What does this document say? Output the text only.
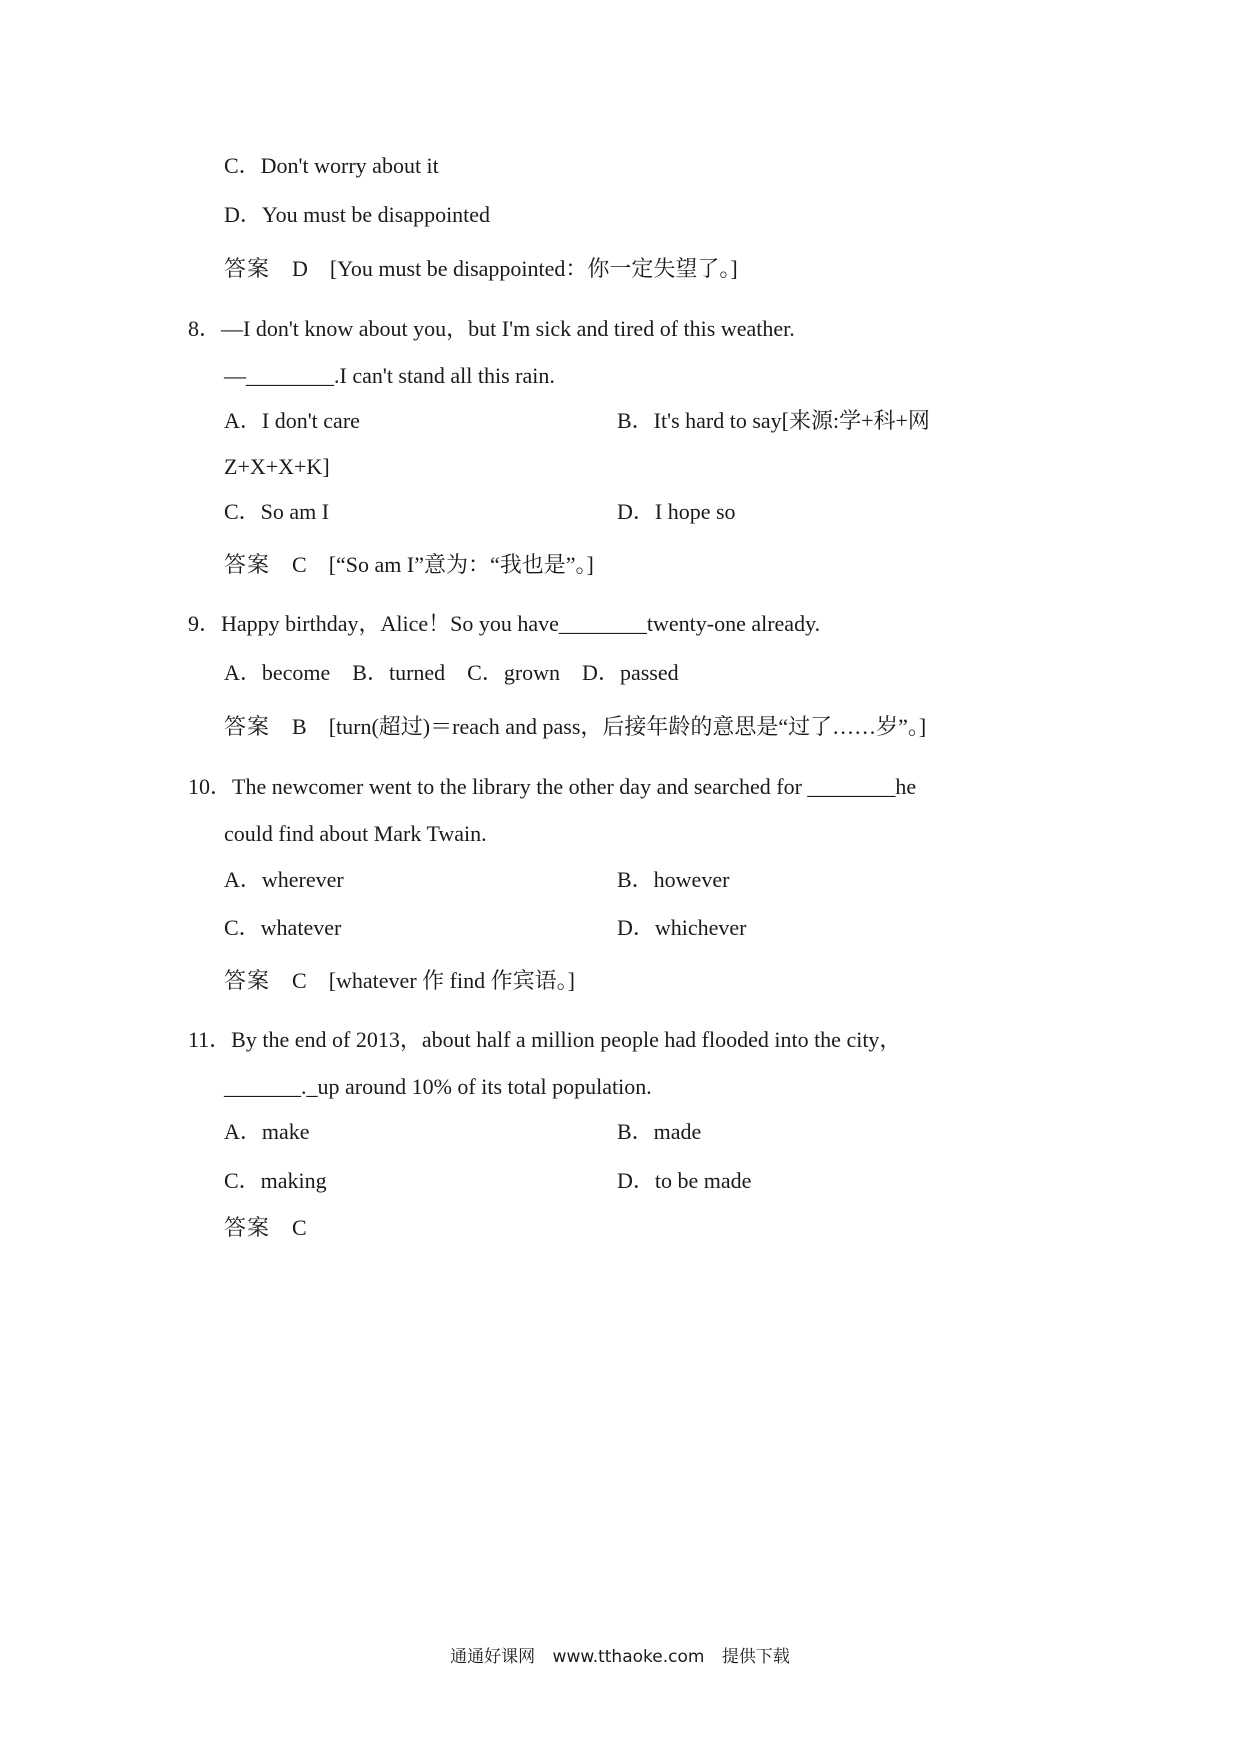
C．Don't worry about it
D．You must be disappointed
答案 D [You must be disappointed：你一定失望了。]
8．—I don't know about you，but I'm sick and tired of this weather.
—________.I can't stand all this rain.
A．I don't care	B．It's hard to say[来源:学+科+网
Z+X+X+K]
C．So am I	D．I hope so
答案 C [“So am I”意为：“我也是”。]
9．Happy birthday，Alice！So you have________twenty-one already.
A．become　B．turned　C．grown　D．passed
答案 B [turn(超过)＝reach and pass，后接年龄的意思是“过了……岁”。]
10．The newcomer went to the library the other day and searched for ________he
could find about Mark Twain.
A．wherever	B．however
C．whatever	D．whichever
答案 C [whatever 作 find 作宾语。]
11．By the end of 2013，about half a million people had flooded into the city，
_______._up around 10% of its total population.
A．make	B．made
C．making	D．to be made
答案 C
通通好课网 www.tthaoke.com 提供下载
